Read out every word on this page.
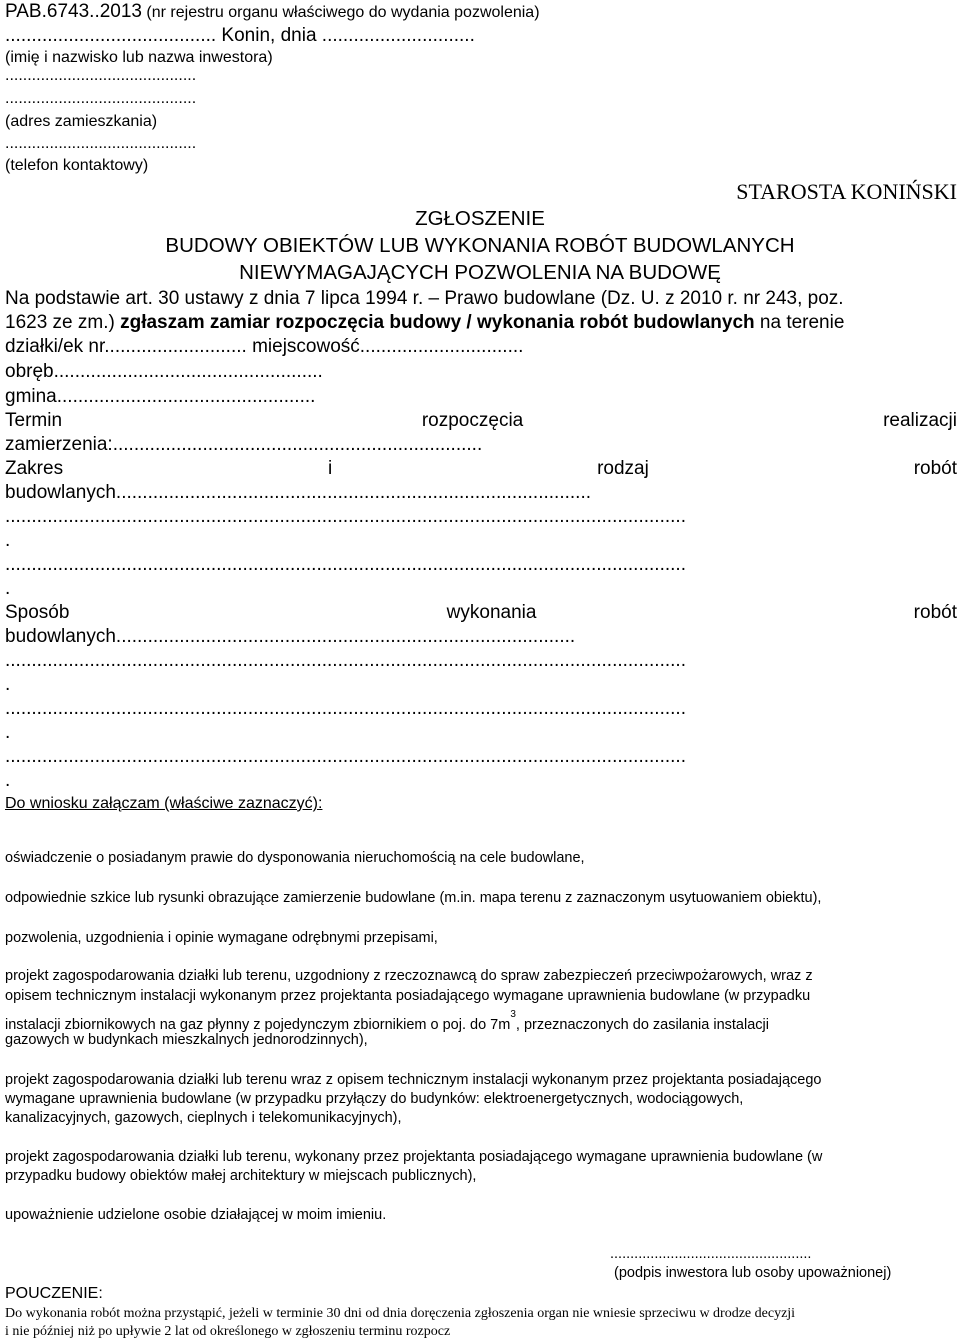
PAB.6743..2013 (nr rejestru organu właściwego do wydania pozwolenia)
........................................ Konin, dnia .............................
(imię i nazwisko lub nazwa inwestora)
...........................................
...........................................
(adres zamieszkania)
...........................................
(telefon kontaktowy)
STAROSTA KONIŃSKI
ZGŁOSZENIE
BUDOWY OBIEKTÓW LUB WYKONANIA ROBÓT BUDOWLANYCH
NIEWYMAGAJĄCYCH POZWOLENIA NA BUDOWĘ
Na podstawie art. 30 ustawy z dnia 7 lipca 1994 r. – Prawo budowlane (Dz. U. z 2010 r. nr 243, poz.
1623 ze zm.) zgłaszam zamiar rozpoczęcia budowy / wykonania robót budowlanych na terenie
działki/ek nr........................... miejscowość...............................
obręb...................................................
gmina.................................................
Termin	rozpoczęcia	realizacji
zamierzenia:......................................................................
Zakres	i	rodzaj	robót
budowlanych..........................................................................................
.................................................................................................................................
.
.................................................................................................................................
.
Sposób	wykonania	robót
budowlanych.......................................................................................
.................................................................................................................................
.
.................................................................................................................................
.
.................................................................................................................................
.
Do wniosku załączam (właściwe zaznaczyć):
oświadczenie o posiadanym prawie do dysponowania nieruchomością na cele budowlane,
odpowiednie szkice lub rysunki obrazujące zamierzenie budowlane (m.in. mapa terenu z zaznaczonym usytuowaniem obiektu),
pozwolenia, uzgodnienia i opinie wymagane odrębnymi przepisami,
projekt zagospodarowania działki lub terenu, uzgodniony z rzeczoznawcą do spraw zabezpieczeń przeciwpożarowych, wraz z
opisem technicznym instalacji wykonanym przez projektanta posiadającego wymagane uprawnienia budowlane (w przypadku
instalacji zbiornikowych na gaz płynny z pojedynczym zbiornikiem o poj. do $7m^3$, przeznaczonych do zasilania instalacji
gazowych w budynkach mieszkalnych jednorodzinnych),
projekt zagospodarowania działki lub terenu wraz z opisem technicznym instalacji wykonanym przez projektanta posiadającego
wymagane uprawnienia budowlane (w przypadku przyłączy do budynków: elektroenergetycznych, wodociągowych,
kanalizacyjnych, gazowych, cieplnych i telekomunikacyjnych),
projekt zagospodarowania działki lub terenu, wykonany przez projektanta posiadającego wymagane uprawnienia budowlane (w
przypadku budowy obiektów małej architektury w miejscach publicznych),
upoważnienie udzielone osobie działającej w moim imieniu.
..................................................
(podpis inwestora lub osoby upoważnionej)
POUCZENIE:
Do wykonania robót można przystąpić, jeżeli w terminie 30 dni od dnia doręczenia zgłoszenia organ nie wniesie sprzeciwu w drodze decyzji
i nie później niż po upływie 2 lat od określonego w zgłoszeniu terminu rozpocz
